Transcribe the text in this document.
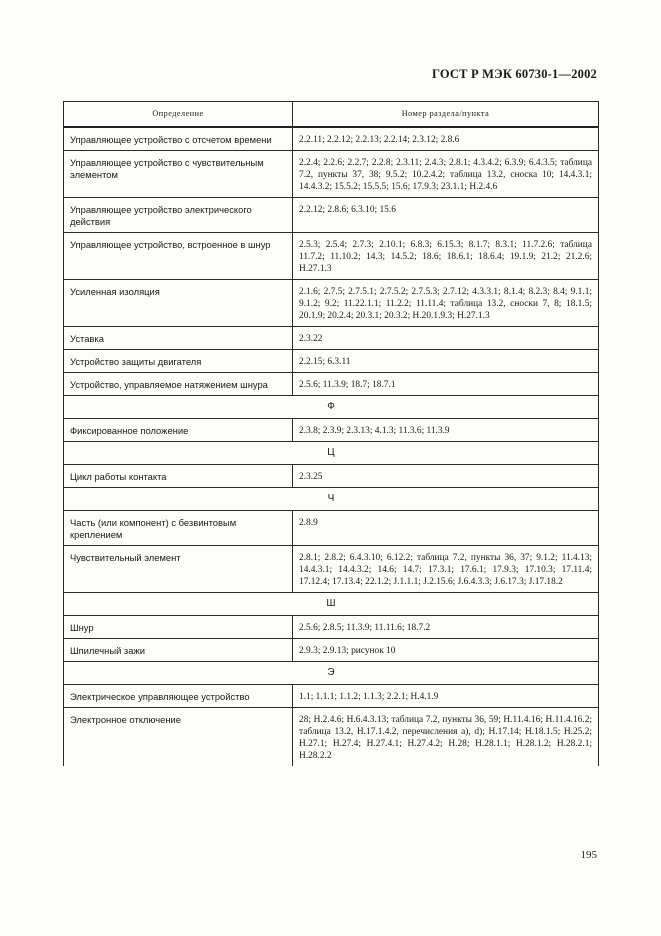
ГОСТ Р МЭК 60730-1—2002
Определение	Номер раздела/пункта
Управляющее устройство с отсчетом времени	2.2.11; 2.2.12; 2.2.13; 2.2.14; 2.3.12; 2.8.6
Управляющее устройство с чувствительным элементом	2.2.4; 2.2.6; 2.2.7; 2.2.8; 2.3.11; 2.4.3; 2.8.1; 4.3.4.2; 6.3.9; 6.4.3.5; таблица 7.2, пункты 37, 38; 9.5.2; 10.2.4.2; таблица 13.2, сноска 10; 14.4.3.1; 14.4.3.2; 15.5.2; 15.5.5; 15.6; 17.9.3; 23.1.1; Н.2.4.6
Управляющее устройство электрического действия	2.2.12; 2.8.6; 6.3.10; 15.6
Управляющее устройство, встроенное в шнур	2.5.3; 2.5.4; 2.7.3; 2.10.1; 6.8.3; 6.15.3; 8.1.7; 8.3.1; 11.7.2.6; таблица 11.7.2; 11.10.2; 14.3; 14.5.2; 18.6; 18.6.1; 18.6.4; 19.1.9; 21.2; 21.2.6; Н.27.1.3
Усиленная изоляция	2.1.6; 2.7.5; 2.7.5.1; 2.7.5.2; 2.7.5.3; 2.7.12; 4.3.3.1; 8.1.4; 8.2.3; 8.4; 9.1.1; 9.1.2; 9.2; 11.22.1.1; 11.2.2; 11.11.4; таблица 13.2, сноски 7, 8; 18.1.5; 20.1.9; 20.2.4; 20.3.1; 20.3.2; Н.20.1.9.3; Н.27.1.3
Уставка	2.3.22
Устройство защиты двигателя	2.2.15; 6.3.11
Устройство, управляемое натяжением шнура	2.5.6; 11.3.9; 18.7; 18.7.1
Ф	
Фиксированное положение	2.3.8; 2.3.9; 2.3.13; 4.1.3; 11.3.6; 11.3.9
Ц	
Цикл работы контакта	2.3.25
Ч	
Часть (или компонент) с безвинтовым креплением	2.8.9
Чувствительный элемент	2.8.1; 2.8.2; 6.4.3.10; 6.12.2; таблица 7.2, пункты 36, 37; 9.1.2; 11.4.13; 14.4.3.1; 14.4.3.2; 14.6; 14.7; 17.3.1; 17.6.1; 17.9.3; 17.10.3; 17.11.4; 17.12.4; 17.13.4; 22.1.2; J.1.1.1; J.2.15.6; J.6.4.3.3; J.6.17.3; J.17.18.2
Ш	
Шнур	2.5.6; 2.8.5; 11.3.9; 11.11.6; 18.7.2
Шпилечный зажи	2.9.3; 2.9.13; рисунок 10
Э	
Электрическое управляющее устройство	1.1; 1.1.1; 1.1.2; 1.1.3; 2.2.1; Н.4.1.9
Электронное отключение	28; Н.2.4.6; Н.6.4.3.13; таблица 7.2, пункты 36, 59; Н.11.4.16; Н.11.4.16.2; таблица 13.2, Н.17.1.4.2, перечисления а), d); Н.17.14; Н.18.1.5; Н.25.2; Н.27.1; Н.27.4; Н.27.4.1; Н.27.4.2; Н.28; Н.28.1.1; Н.28.1.2; Н.28.2.1; Н.28.2.2
195
